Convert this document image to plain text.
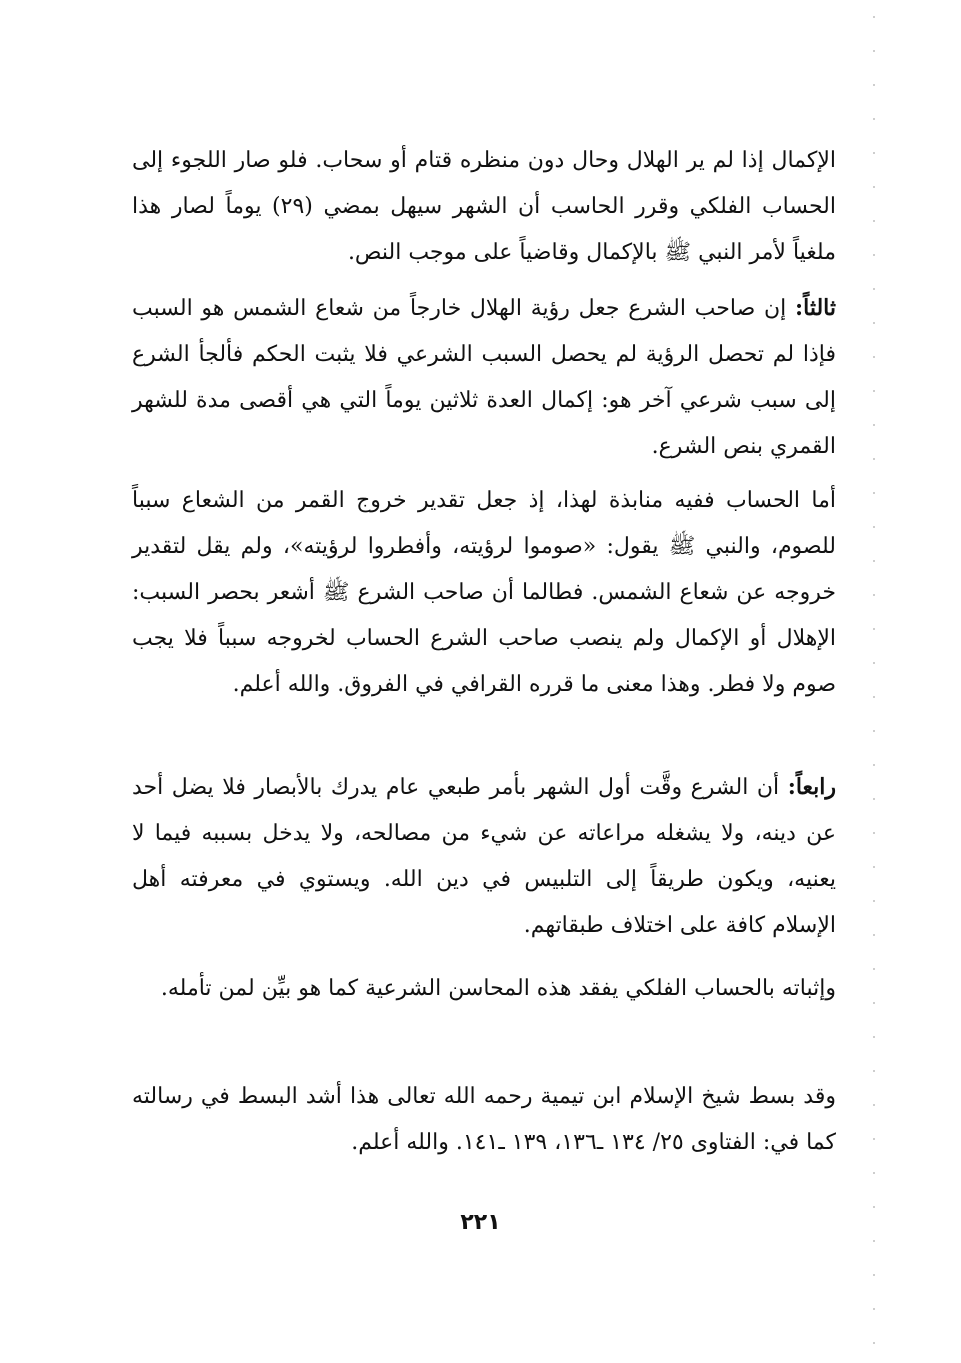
الإكمال إذا لم ير الهلال وحال دون منظره قتام أو سحاب. فلو صار اللجوء إلى الحساب الفلكي وقرر الحاسب أن الشهر سيهل بمضي (٢٩) يوماً لصار هذا ملغياً لأمر النبي ﷺ بالإكمال وقاضياً على موجب النص.

ثالثاً: إن صاحب الشرع جعل رؤية الهلال خارجاً من شعاع الشمس هو السبب فإذا لم تحصل الرؤية لم يحصل السبب الشرعي فلا يثبت الحكم فألجأ الشرع إلى سبب شرعي آخر هو: إكمال العدة ثلاثين يوماً التي هي أقصى مدة للشهر القمري بنص الشرع.

أما الحساب ففيه منابذة لهذا، إذ جعل تقدير خروج القمر من الشعاع سبباً للصوم، والنبي ﷺ يقول: «صوموا لرؤيته، وأفطروا لرؤيته»، ولم يقل لتقدير خروجه عن شعاع الشمس. فطالما أن صاحب الشرع ﷺ أشعر بحصر السبب: الإهلال أو الإكمال ولم ينصب صاحب الشرع الحساب لخروجه سبباً فلا يجب صوم ولا فطر. وهذا معنى ما قرره القرافي في الفروق. والله أعلم.

رابعاً: أن الشرع وقَّت أول الشهر بأمر طبعي عام يدرك بالأبصار فلا يضل أحد عن دينه، ولا يشغله مراعاته عن شيء من مصالحه، ولا يدخل بسببه فيما لا يعنيه، ويكون طريقاً إلى التلبيس في دين الله. ويستوي في معرفته أهل الإسلام كافة على اختلاف طبقاتهم.

وإثباته بالحساب الفلكي يفقد هذه المحاسن الشرعية كما هو بيِّن لمن تأمله.

وقد بسط شيخ الإسلام ابن تيمية رحمه الله تعالى هذا أشد البسط في رسالته كما في: الفتاوى ٢٥/ ١٣٤ ـ١٣٦، ١٣٩ ـ١٤١. والله أعلم.

٢٢١
